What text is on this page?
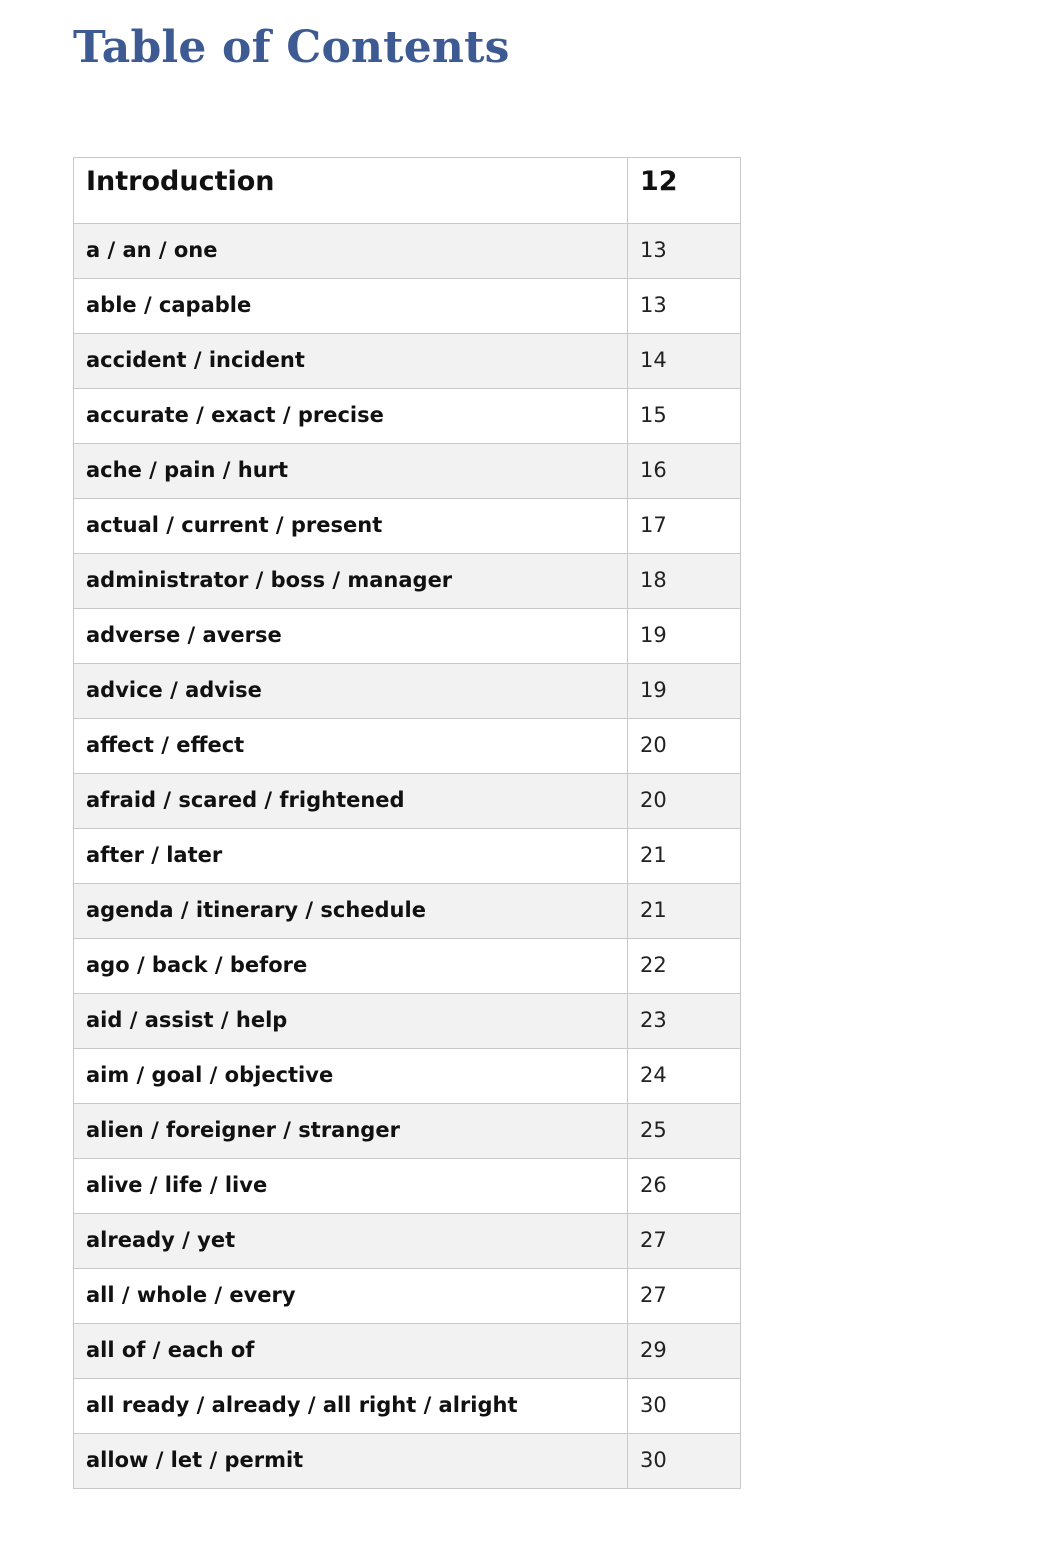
Table of Contents
Introduction	12
a / an / one	13
able / capable	13
accident / incident	14
accurate / exact / precise	15
ache / pain / hurt	16
actual / current / present	17
administrator / boss / manager	18
adverse / averse	19
advice / advise	19
affect / effect	20
afraid / scared / frightened	20
after / later	21
agenda / itinerary / schedule	21
ago / back / before	22
aid / assist / help	23
aim / goal / objective	24
alien / foreigner / stranger	25
alive / life / live	26
already / yet	27
all / whole / every	27
all of / each of	29
all ready / already / all right / alright	30
allow / let / permit	30
